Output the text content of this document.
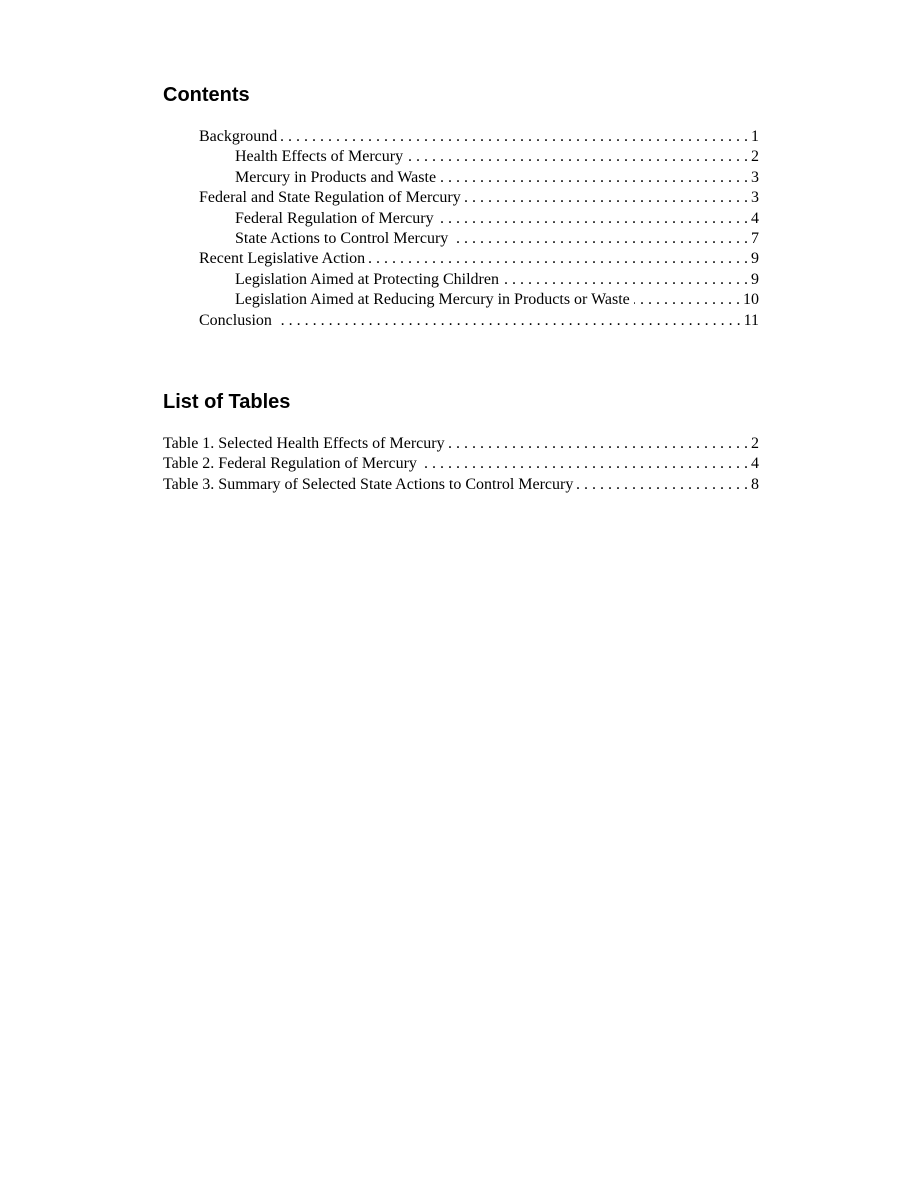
Contents
Background . . .	1
Health Effects of Mercury . . .	2
Mercury in Products and Waste . . .	3
Federal and State Regulation of Mercury . . .	3
Federal Regulation of Mercury . . .	4
State Actions to Control Mercury . . .	7
Recent Legislative Action . . .	9
Legislation Aimed at Protecting Children . . .	9
Legislation Aimed at Reducing Mercury in Products or Waste . . .	10
Conclusion . . .	11
List of Tables
Table 1. Selected Health Effects of Mercury . . .	2
Table 2. Federal Regulation of Mercury . . .	4
Table 3. Summary of Selected State Actions to Control Mercury . . .	8
